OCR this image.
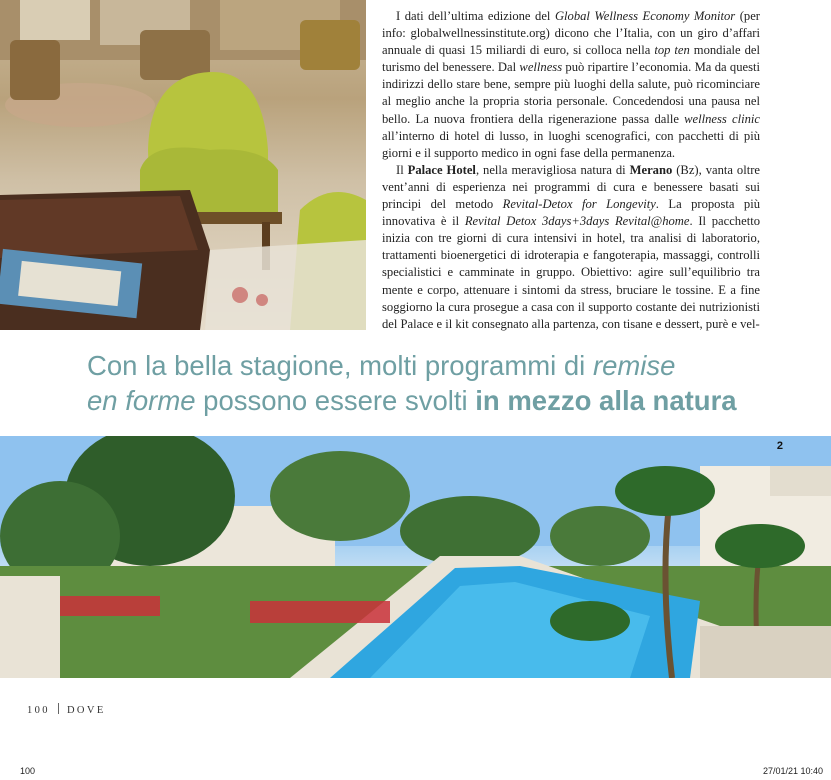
I dati dell’ultima edizione del Global Wellness Economy Monitor (per info: globalwellnessinstitute.org) dicono che l’Italia, con un giro d’affari annuale di quasi 15 miliardi di euro, si colloca nella top ten mondiale del turismo del benessere. Dal wellness può ripartire l’economia. Ma da questi indirizzi dello stare bene, sempre più luoghi della salute, può ricominciare al meglio anche la propria storia personale. Concedendosi una pausa nel bello. La nuova frontiera della rigenerazione passa dalle wellness clinic all’interno di hotel di lusso, in luoghi scenografici, con pacchetti di più giorni e il supporto medico in ogni fase della permanenza.

Il Palace Hotel, nella meravigliosa natura di Merano (Bz), vanta oltre vent’anni di esperienza nei programmi di cura e benessere basati sui principi del metodo Revital-Detox for Longevity. La proposta più innovativa è il Revital Detox 3days+3days Revital@home. Il pacchetto inizia con tre giorni di cura intensivi in hotel, tra analisi di laboratorio, trattamenti bioenergetici di idroterapia e fangoterapia, massaggi, controlli specialistici e camminate in gruppo. Obiettivo: agire sull’equilibrio tra mente e corpo, attenuare i sintomi da stress, bruciare le tossine. E a fine soggiorno la cura prosegue a casa con il supporto costante dei nutrizionisti del Palace e il kit consegnato alla partenza, con tisane e dessert, purè e vel-

Con la bella stagione, molti programmi di remise
en forme possono essere svolti in mezzo alla natura
2
100 DOVE
100	27/01/21 10:40
